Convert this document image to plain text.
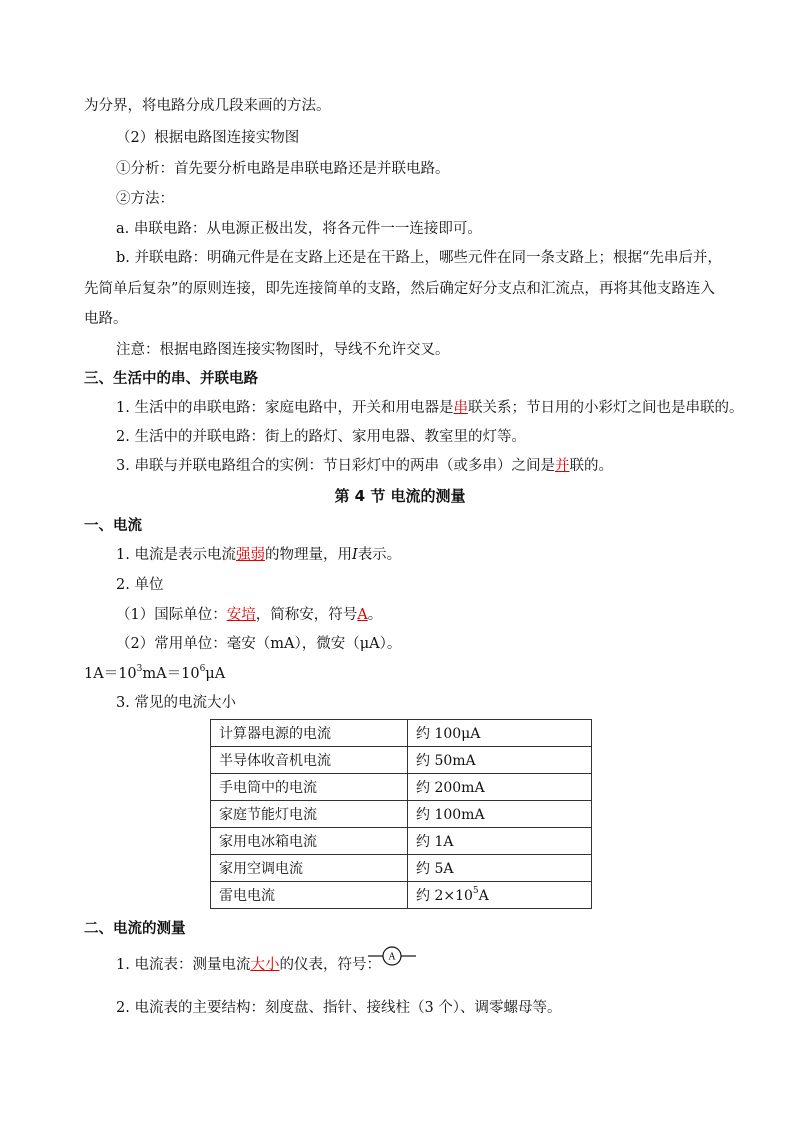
为分界，将电路分成几段来画的方法。
（2）根据电路图连接实物图
①分析：首先要分析电路是串联电路还是并联电路。
②方法：
a. 串联电路：从电源正极出发，将各元件一一连接即可。
b. 并联电路：明确元件是在支路上还是在干路上，哪些元件在同一条支路上；根据“先串后并，
先简单后复杂”的原则连接，即先连接简单的支路，然后确定好分支点和汇流点，再将其他支路连入
电路。
注意：根据电路图连接实物图时，导线不允许交叉。
三、生活中的串、并联电路
1. 生活中的串联电路：家庭电路中，开关和用电器是串联关系；节日用的小彩灯之间也是串联的。
2. 生活中的并联电路：街上的路灯、家用电器、教室里的灯等。
3. 串联与并联电路组合的实例：节日彩灯中的两串（或多串）之间是并联的。
第 4 节 电流的测量
一、电流
1. 电流是表示电流强弱的物理量，用I表示。
2. 单位
（1）国际单位：安培，简称安，符号A。
（2）常用单位：毫安（mA），微安（μA）。
$1A=10^3mA=10^6\mu A$
3. 常见的电流大小
计算器电源的电流	约 100μA
半导体收音机电流	约 50mA
手电筒中的电流	约 200mA
家庭节能灯电流	约 100mA
家用电冰箱电流	约 1A
家用空调电流	约 5A
雷电电流	约 $2\times 10^5A$
二、电流的测量
1. 电流表：测量电流大小的仪表，符号： A
2. 电流表的主要结构：刻度盘、指针、接线柱（3 个）、调零螺母等。
